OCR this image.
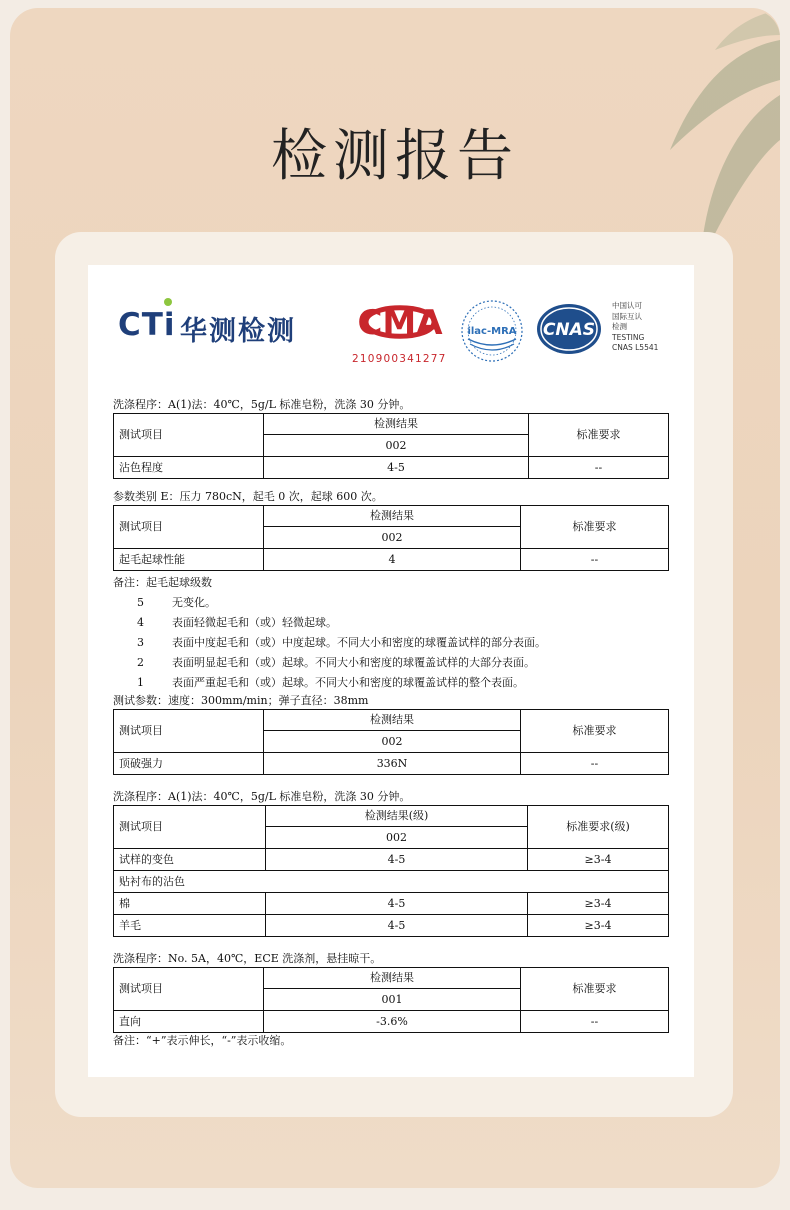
检测报告
CTi 华测检测 CMA
210900341277
ilac-MRA CNAS
中国认可
国际互认
检测
TESTING
CNAS L5541
洗涤程序：A(1)法：40℃，5g/L 标准皂粉，洗涤 30 分钟。
测试项目	检测结果	标准要求
	002	
沾色程度	4-5	--
参数类别 E：压力 780cN，起毛 0 次，起球 600 次。
测试项目	检测结果	标准要求
	002	
起毛起球性能	4	--
备注：起毛起球级数
5	无变化。
4	表面轻微起毛和（或）轻微起球。
3	表面中度起毛和（或）中度起球。不同大小和密度的球覆盖试样的部分表面。
2	表面明显起毛和（或）起球。不同大小和密度的球覆盖试样的大部分表面。
1	表面严重起毛和（或）起球。不同大小和密度的球覆盖试样的整个表面。
测试参数：速度：300mm/min；弹子直径：38mm
测试项目	检测结果	标准要求
	002	
顶破强力	336N	--
洗涤程序：A(1)法：40℃，5g/L 标准皂粉，洗涤 30 分钟。
测试项目	检测结果(级)	标准要求(级)
	002	
试样的变色	4-5	≥3-4
贴衬布的沾色		
棉	4-5	≥3-4
羊毛	4-5	≥3-4
洗涤程序：No. 5A，40℃，ECE 洗涤剂，悬挂晾干。
测试项目	检测结果	标准要求
	001	
直向	-3.6%	--
备注：“+”表示伸长，“-”表示收缩。
